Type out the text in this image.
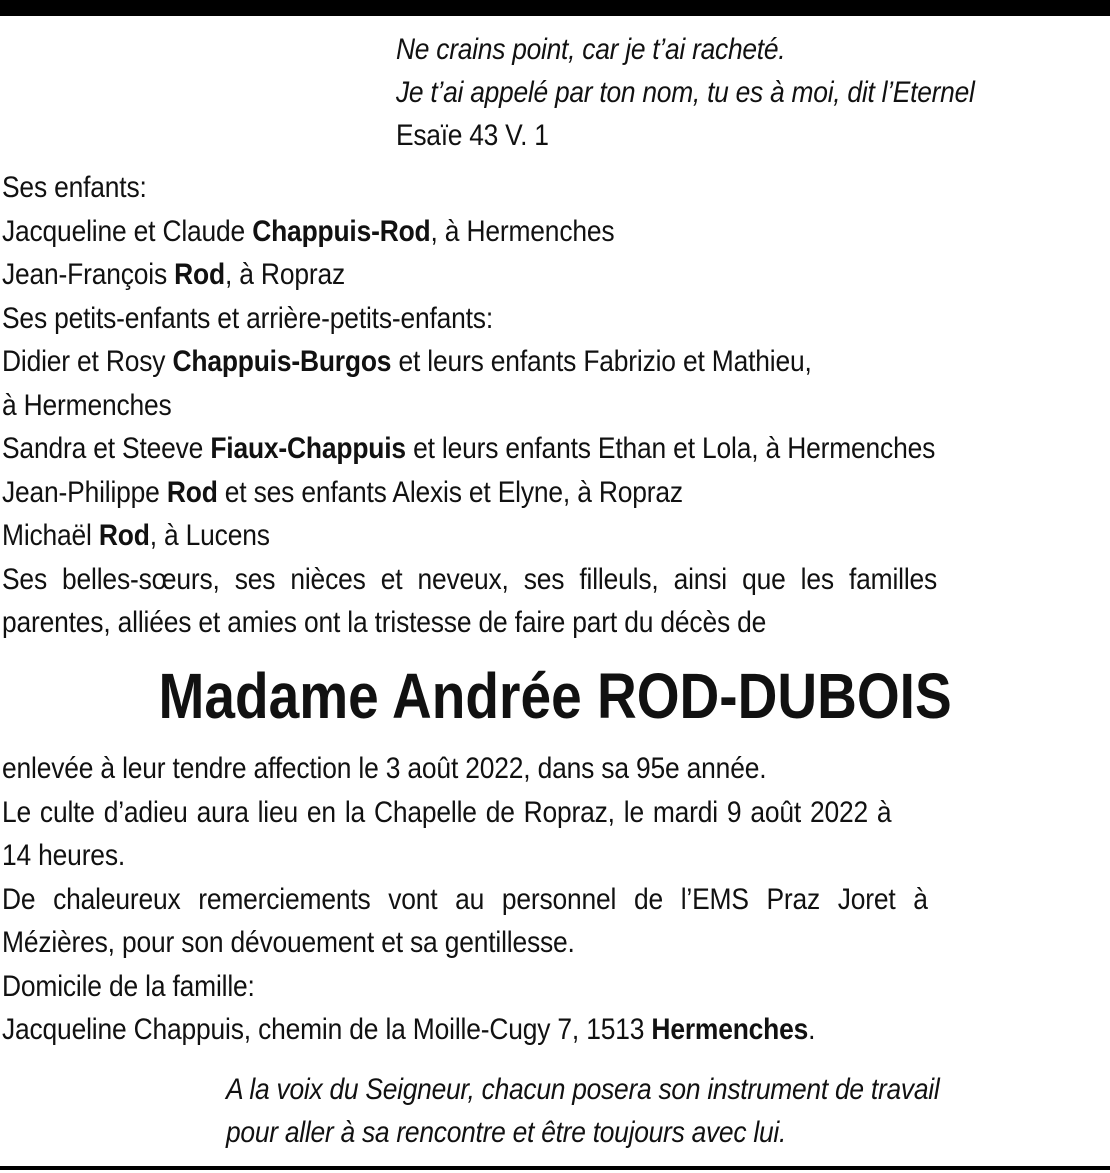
Ne crains point, car je t’ai racheté.
Je t’ai appelé par ton nom, tu es à moi, dit l’Eternel
Esaïe 43 V. 1

Ses enfants:

Jacqueline et Claude Chappuis-Rod, à Hermenches

Jean-François Rod, à Ropraz

Ses petits-enfants et arrière-petits-enfants:

Didier et Rosy Chappuis-Burgos et leurs enfants Fabrizio et Mathieu,

à Hermenches

Sandra et Steeve Fiaux-Chappuis et leurs enfants Ethan et Lola, à Hermenches

Jean-Philippe Rod et ses enfants Alexis et Elyne, à Ropraz

Michaël Rod, à Lucens

Ses belles-sœurs, ses nièces et neveux, ses filleuls, ainsi que les familles

parentes, alliées et amies ont la tristesse de faire part du décès de

Madame Andrée ROD-DUBOIS

enlevée à leur tendre affection le 3 août 2022, dans sa 95e année.

Le culte d’adieu aura lieu en la Chapelle de Ropraz, le mardi 9 août 2022 à

14 heures.

De chaleureux remerciements vont au personnel de l’EMS Praz Joret à

Mézières, pour son dévouement et sa gentillesse.

Domicile de la famille:

Jacqueline Chappuis, chemin de la Moille-Cugy 7, 1513 Hermenches.

A la voix du Seigneur, chacun posera son instrument de travail
pour aller à sa rencontre et être toujours avec lui.
